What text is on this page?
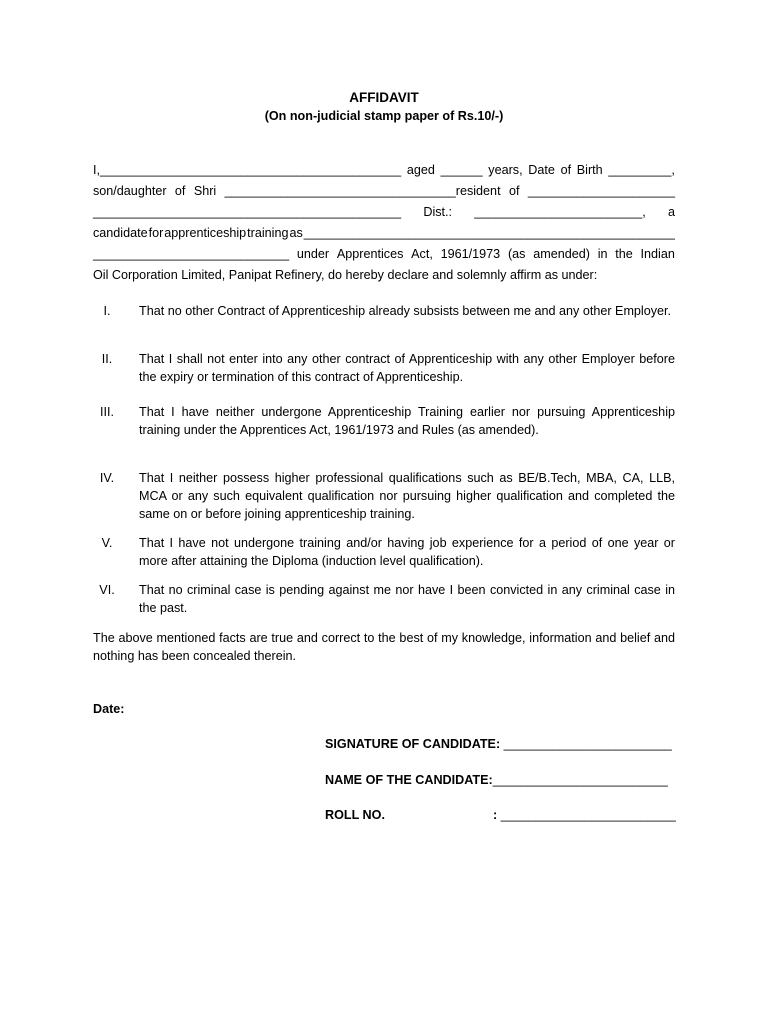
AFFIDAVIT
(On non-judicial stamp paper of Rs.10/-)
I,___________________________________________ aged ______ years, Date of Birth _________,
son/daughter of Shri _________________________________resident of _____________________
____________________________________________ Dist.: ________________________, a
candidate for apprenticeship training as _____________________________________________________
____________________________ under Apprentices Act, 1961/1973 (as amended) in the Indian
Oil Corporation Limited, Panipat Refinery, do hereby declare and solemnly affirm as under:
I.	That no other Contract of Apprenticeship already subsists between me and any other Employer.
II.	That I shall not enter into any other contract of Apprenticeship with any other Employer before the expiry or termination of this contract of Apprenticeship.
III.	That I have neither undergone Apprenticeship Training earlier nor pursuing Apprenticeship training under the Apprentices Act, 1961/1973 and Rules (as amended).
IV.	That I neither possess higher professional qualifications such as BE/B.Tech, MBA, CA, LLB, MCA or any such equivalent qualification nor pursuing higher qualification and completed the same on or before joining apprenticeship training.
V.	That I have not undergone training and/or having job experience for a period of one year or more after attaining the Diploma (induction level qualification).
VI.	That no criminal case is pending against me nor have I been convicted in any criminal case in the past.
The above mentioned facts are true and correct to the best of my knowledge, information and belief and nothing has been concealed therein.
Date:
SIGNATURE OF CANDIDATE: ________________________
NAME OF THE CANDIDATE:_________________________
ROLL NO.	: _________________________
